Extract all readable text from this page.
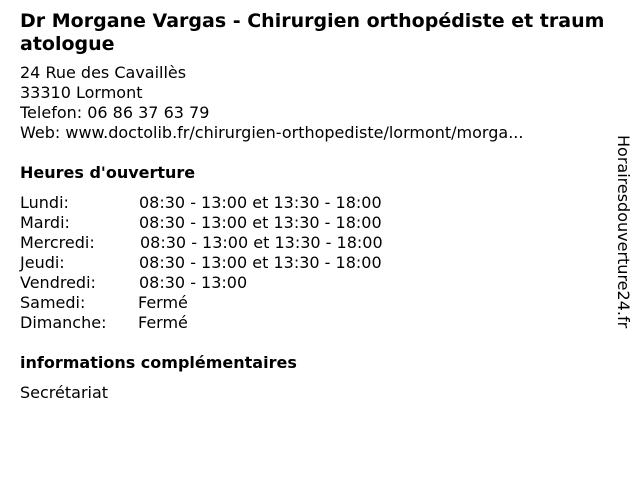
Dr Morgane Vargas - Chirurgien orthopédiste et traumatologue
24 Rue des Cavaillès
33310 Lormont
Telefon: 06 86 37 63 79
Web: www.doctolib.fr/chirurgien-orthopediste/lormont/morga...
Heures d'ouverture
Lundi:	08:30 - 13:00 et 13:30 - 18:00
Mardi:	08:30 - 13:00 et 13:30 - 18:00
Mercredi:	08:30 - 13:00 et 13:30 - 18:00
Jeudi:	08:30 - 13:00 et 13:30 - 18:00
Vendredi:	08:30 - 13:00
Samedi:	Fermé
Dimanche: Fermé
informations complémentaires
Secrétariat
Horairesdouverture24.fr
